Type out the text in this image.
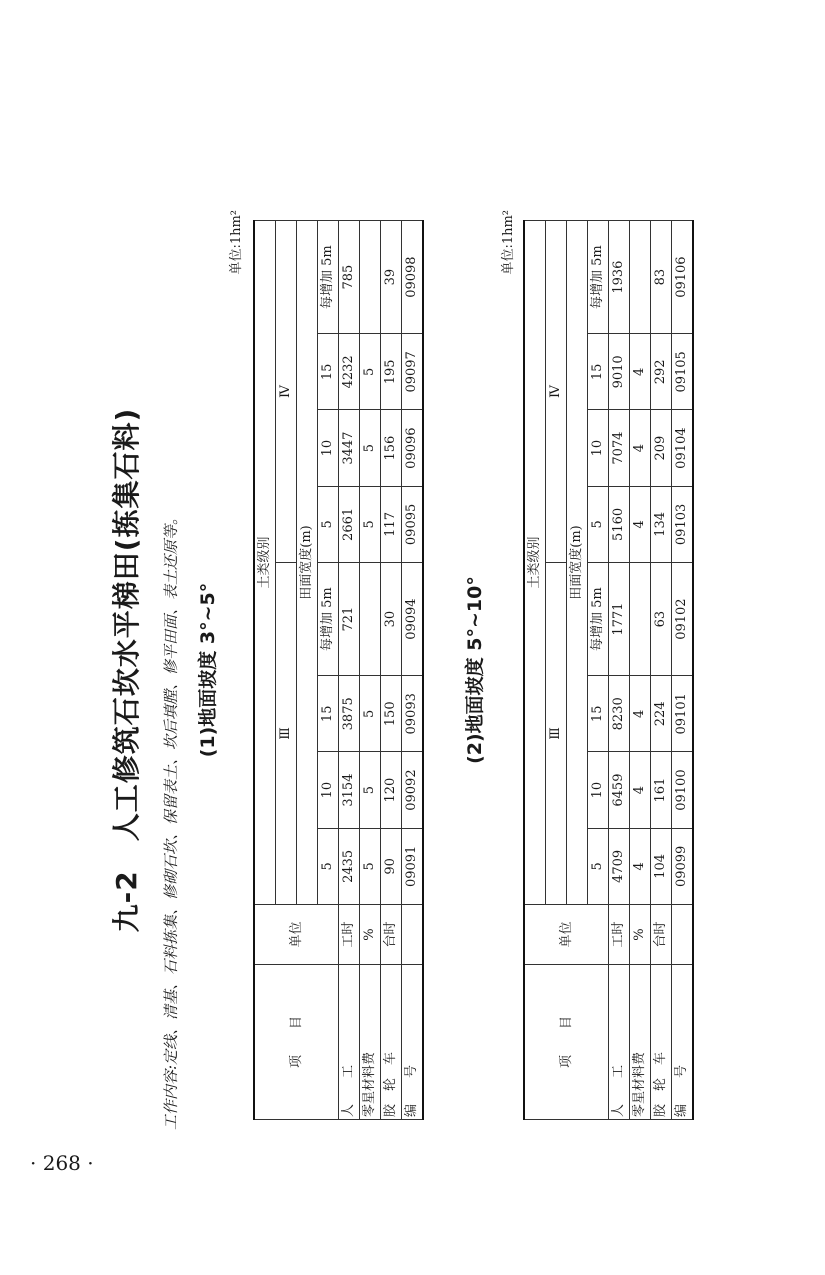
九-2　人工修筑石坎水平梯田(拣集石料) 工作内容:定线、清基、石料拣集、修砌石坎、保留表土、坎后填膛、修平田面、表土还原等。 (1)地面坡度 3°~5°
单位:1hm²
项　　目	单位	土类级别							
		Ⅲ				Ⅳ			
		田面宽度(m)							
		5	10	15	每增加 5m	5	10	15	每增加 5m
人　　工	工时	2435	3154	3875	721	2661	3447	4232	785
零星材料费	%	5	5	5		5	5	5	
胶　轮　车	台时	90	120	150	30	117	156	195	39
编　　号		09091	09092	09093	09094	09095	09096	09097	09098
(2)地面坡度 5°~10°
单位:1hm²
项　　目	单位	土类级别							
		Ⅲ				Ⅳ			
		田面宽度(m)							
		5	10	15	每增加 5m	5	10	15	每增加 5m
人　　工	工时	4709	6459	8230	1771	5160	7074	9010	1936
零星材料费	%	4	4	4		4	4	4	
胶　轮　车	台时	104	161	224	63	134	209	292	83
编　　号		09099	09100	09101	09102	09103	09104	09105	09106
· 268 ·
